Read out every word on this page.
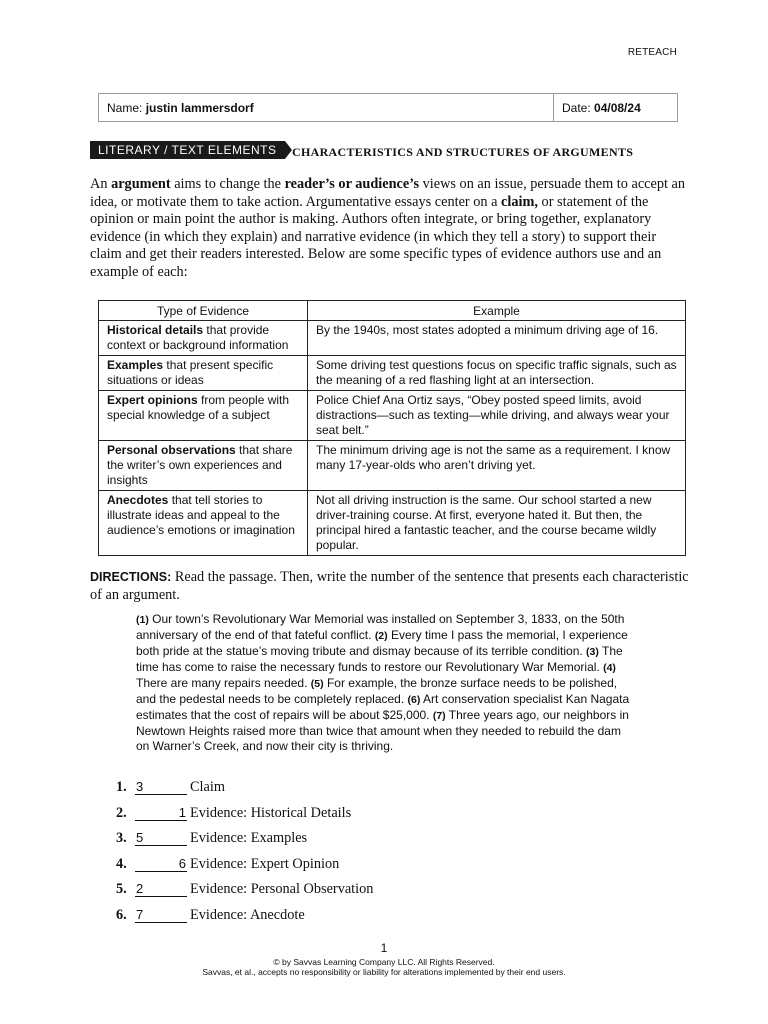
RETEACH
Name: justin lammersdorf	Date: 04/08/24
LITERARY / TEXT ELEMENTS	CHARACTERISTICS AND STRUCTURES OF ARGUMENTS
An argument aims to change the reader’s or audience’s views on an issue, persuade them to accept an idea, or motivate them to take action. Argumentative essays center on a claim, or statement of the opinion or main point the author is making. Authors often integrate, or bring together, explanatory evidence (in which they explain) and narrative evidence (in which they tell a story) to support their claim and get their readers interested. Below are some specific types of evidence authors use and an example of each:
Type of Evidence	Example
Historical details that provide context or background information	By the 1940s, most states adopted a minimum driving age of 16.
Examples that present specific situations or ideas	Some driving test questions focus on specific traffic signals, such as the meaning of a red flashing light at an intersection.
Expert opinions from people with special knowledge of a subject	Police Chief Ana Ortiz says, “Obey posted speed limits, avoid distractions—such as texting—while driving, and always wear your seat belt.”
Personal observations that share the writer’s own experiences and insights	The minimum driving age is not the same as a requirement. I know many 17-year-olds who aren’t driving yet.
Anecdotes that tell stories to illustrate ideas and appeal to the audience’s emotions or imagination	Not all driving instruction is the same. Our school started a new driver-training course. At first, everyone hated it. But then, the principal hired a fantastic teacher, and the course became wildly popular.
DIRECTIONS: Read the passage. Then, write the number of the sentence that presents each characteristic of an argument.
(1) Our town’s Revolutionary War Memorial was installed on September 3, 1833, on the 50th anniversary of the end of that fateful conflict. (2) Every time I pass the memorial, I experience both pride at the statue’s moving tribute and dismay because of its terrible condition. (3) The time has come to raise the necessary funds to restore our Revolutionary War Memorial. (4) There are many repairs needed. (5) For example, the bronze surface needs to be polished, and the pedestal needs to be completely replaced. (6) Art conservation specialist Kan Nagata estimates that the cost of repairs will be about $25,000. (7) Three years ago, our neighbors in Newtown Heights raised more than twice that amount when they needed to rebuild the dam on Warner’s Creek, and now their city is thriving.
1. 3	Claim
2.	1 Evidence: Historical Details
3. 5	Evidence: Examples
4.	6 Evidence: Expert Opinion
5. 2	Evidence: Personal Observation
6. 7	Evidence: Anecdote
1
© by Savvas Learning Company LLC. All Rights Reserved.
Savvas, et al., accepts no responsibility or liability for alterations implemented by their end users.
